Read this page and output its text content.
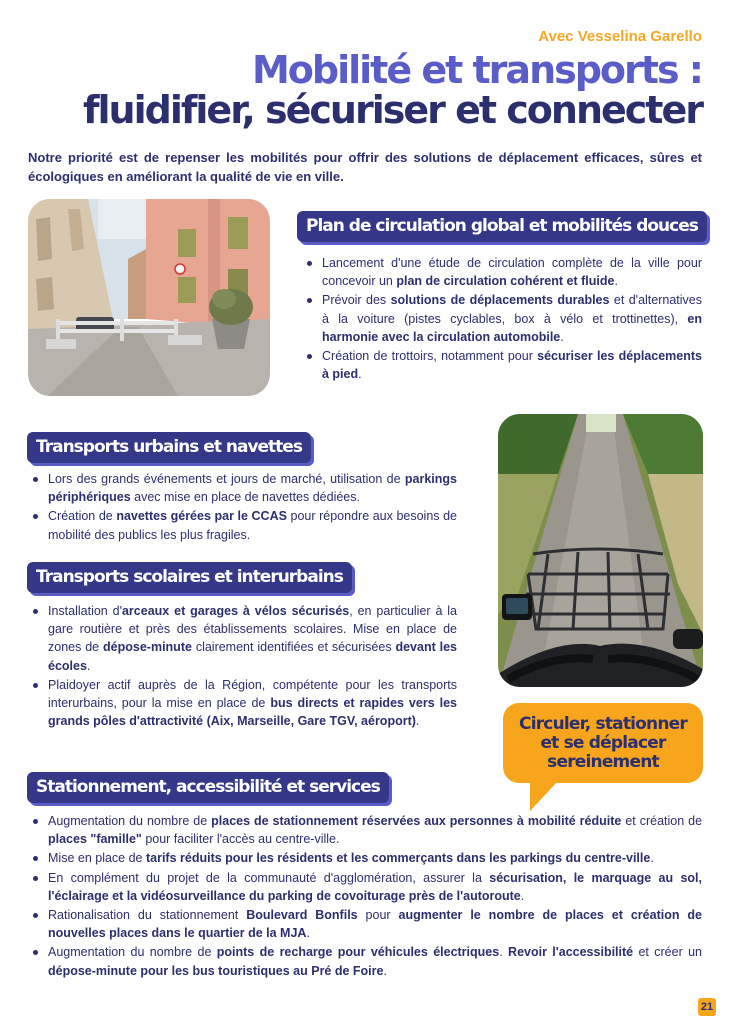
Avec Vesselina Garello
Mobilité et transports :
fluidifier, sécuriser et connecter
Notre priorité est de repenser les mobilités pour offrir des solutions de déplacement efficaces, sûres et écologiques en améliorant la qualité de vie en ville.
Plan de circulation global et mobilités douces
Lancement d'une étude de circulation complète de la ville pour concevoir un plan de circulation cohérent et fluide.
Prévoir des solutions de déplacements durables et d'alternatives à la voiture (pistes cyclables, box à vélo et trottinettes), en harmonie avec la circulation automobile.
Création de trottoirs, notamment pour sécuriser les déplacements à pied.
Transports urbains et navettes
Lors des grands événements et jours de marché, utilisation de parkings périphériques avec mise en place de navettes dédiées.
Création de navettes gérées par le CCAS pour répondre aux besoins de mobilité des publics les plus fragiles.
Transports scolaires et interurbains
Installation d'arceaux et garages à vélos sécurisés, en particulier à la gare routière et près des établissements scolaires. Mise en place de zones de dépose-minute clairement identifiées et sécurisées devant les écoles.
Plaidoyer actif auprès de la Région, compétente pour les transports interurbains, pour la mise en place de bus directs et rapides vers les grands pôles d'attractivité (Aix, Marseille, Gare TGV, aéroport).	Circuler, stationner
et se déplacer
sereinement
Stationnement, accessibilité et services
Augmentation du nombre de places de stationnement réservées aux personnes à mobilité réduite et création de places "famille" pour faciliter l'accès au centre-ville.
Mise en place de tarifs réduits pour les résidents et les commerçants dans les parkings du centre-ville.
En complément du projet de la communauté d'agglomération, assurer la sécurisation, le marquage au sol, l'éclairage et la vidéosurveillance du parking de covoiturage près de l'autoroute.
Rationalisation du stationnement Boulevard Bonfils pour augmenter le nombre de places et création de nouvelles places dans le quartier de la MJA.
Augmentation du nombre de points de recharge pour véhicules électriques. Revoir l'accessibilité et créer un dépose-minute pour les bus touristiques au Pré de Foire.
21
